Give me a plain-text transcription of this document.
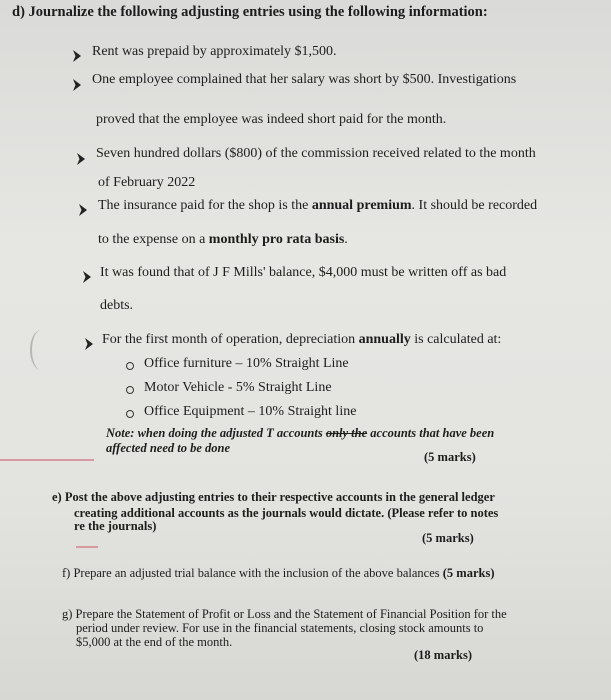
d) Journalize the following adjusting entries using the following information:
Rent was prepaid by approximately $1,500.
One employee complained that her salary was short by $500. Investigations
proved that the employee was indeed short paid for the month.
Seven hundred dollars ($800) of the commission received related to the month
of February 2022
The insurance paid for the shop is the annual premium. It should be recorded
to the expense on a monthly pro rata basis.
It was found that of J F Mills' balance, $4,000 must be written off as bad
debts.
For the first month of operation, depreciation annually is calculated at:
Office furniture – 10% Straight Line
Motor Vehicle - 5% Straight Line
Office Equipment – 10% Straight line
Note: when doing the adjusted T accounts only the accounts that have been
affected need to be done
(5 marks)
e) Post the above adjusting entries to their respective accounts in the general ledger
creating additional accounts as the journals would dictate. (Please refer to notes
re the journals)
(5 marks)
f) Prepare an adjusted trial balance with the inclusion of the above balances (5 marks)
g) Prepare the Statement of Profit or Loss and the Statement of Financial Position for the
period under review. For use in the financial statements, closing stock amounts to
$5,000 at the end of the month.
(18 marks)
